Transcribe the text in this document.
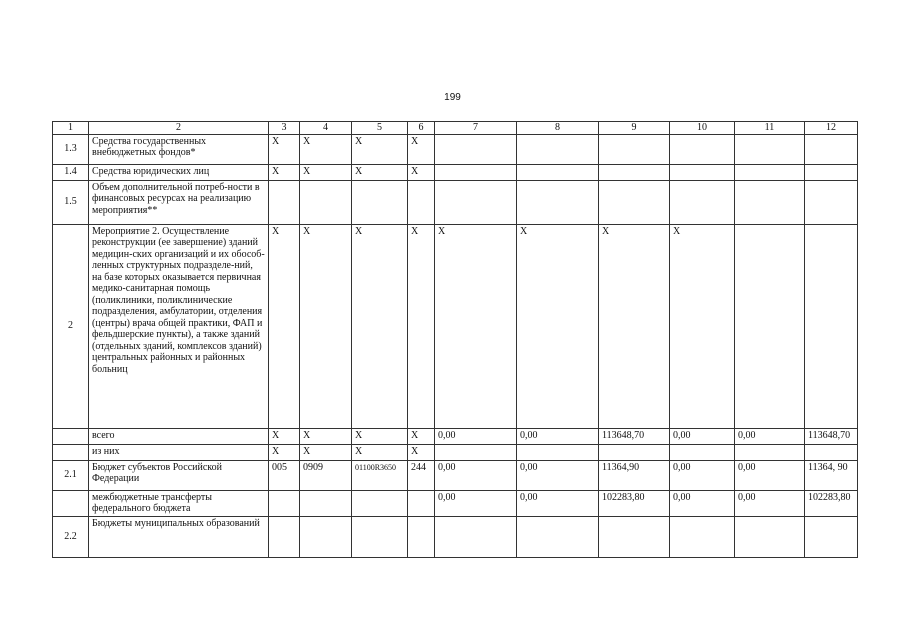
199
1	2	3	4	5	6	7	8	9	10	11	12
1.3	Средства государственных внебюджетных фондов*	Х	Х	Х	Х						
1.4	Средства юридических лиц	Х	Х	Х	Х						
1.5	Объем дополнительной потреб-ности в финансовых ресурсах на реализацию мероприятия**										
2	Мероприятие 2. Осуществление реконструкции (ее завершение) зданий медицин-ских организаций и их обособ-ленных структурных подразделе-ний, на базе которых оказывается первичная медико-санитарная помощь (поликлиники, поликлинические подразделения, амбулатории, отделения (центры) врача общей практики, ФАП и фельдшерские пункты), а также зданий (отдельных зданий, комплексов зданий) центральных районных и районных больниц	Х	Х	Х	Х	Х	Х	Х	Х		
	всего	Х	Х	Х	Х	0,00	0,00	113648,70	0,00	0,00	113648,70
	из них	Х	Х	Х	Х						
2.1	Бюджет субъектов Российской Федерации	005	0909	01100R3650	244	0,00	0,00	11364,90	0,00	0,00	11364, 90
	межбюджетные трансферты федерального бюджета					0,00	0,00	102283,80	0,00	0,00	102283,80
2.2	Бюджеты муниципальных образований										
